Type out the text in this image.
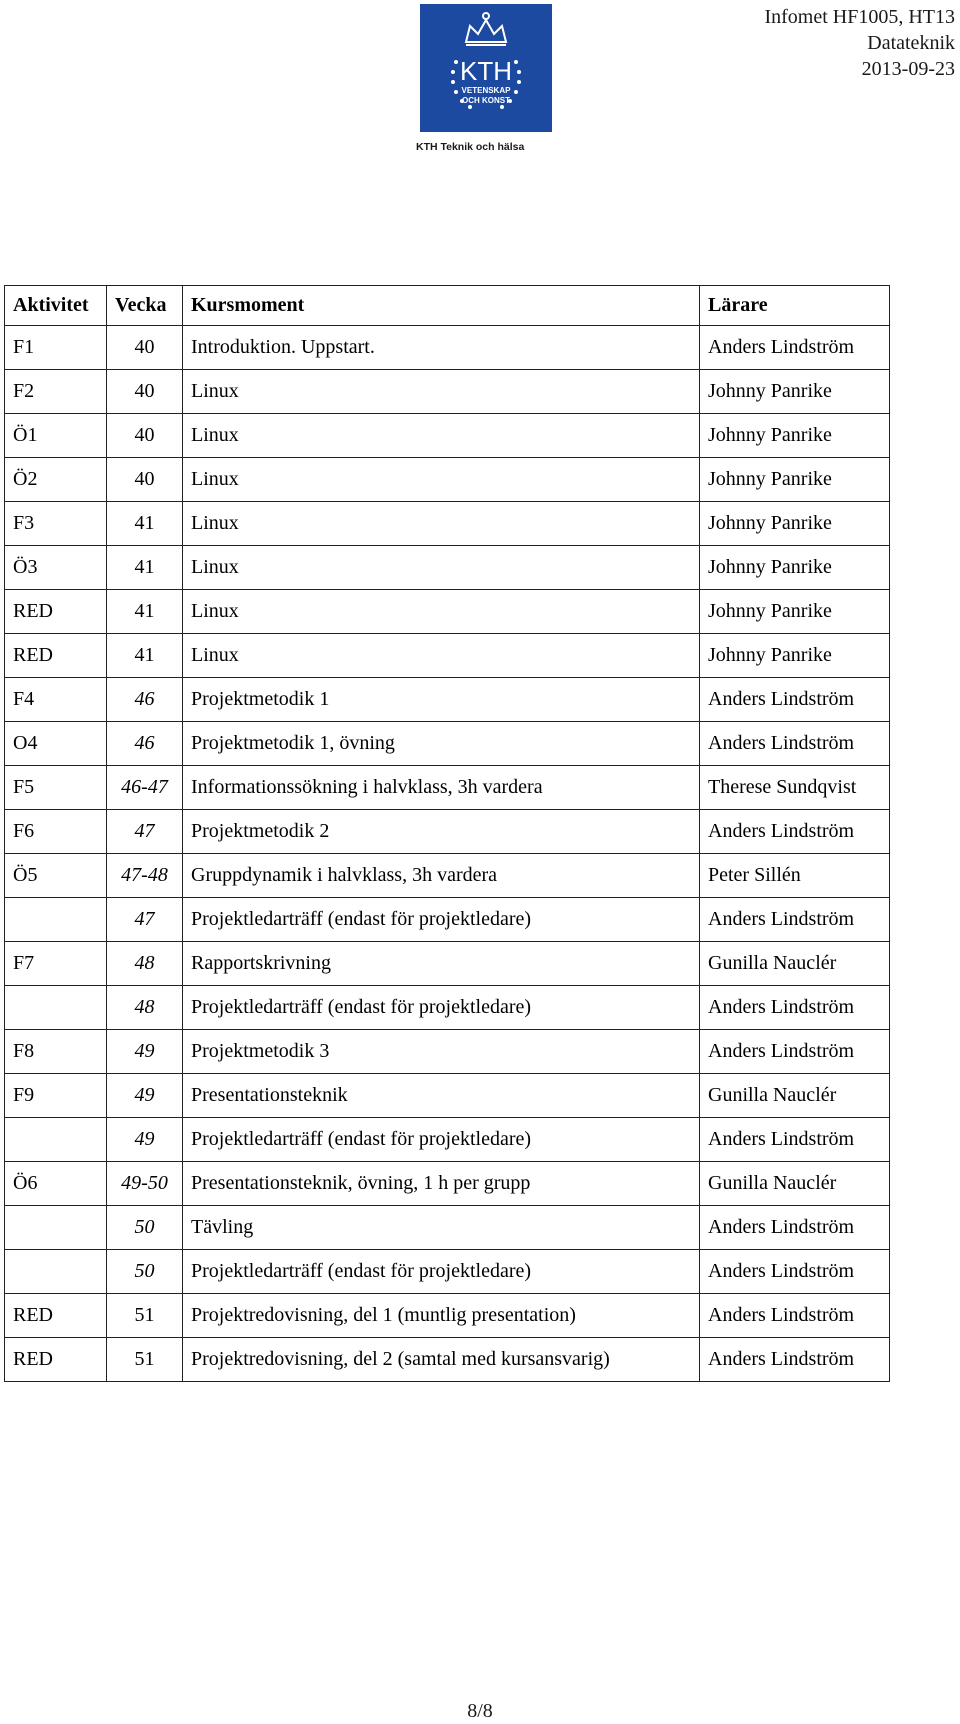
KTH
VETENSKAP
OCH KONST
KTH Teknik och hälsa
Infomet HF1005, HT13
Datateknik
2013-09-23
Aktivitet	Vecka	Kursmoment	Lärare
F1	40	Introduktion. Uppstart.	Anders Lindström
F2	40	Linux	Johnny Panrike
Ö1	40	Linux	Johnny Panrike
Ö2	40	Linux	Johnny Panrike
F3	41	Linux	Johnny Panrike
Ö3	41	Linux	Johnny Panrike
RED	41	Linux	Johnny Panrike
RED	41	Linux	Johnny Panrike
F4	46	Projektmetodik 1	Anders Lindström
O4	46	Projektmetodik 1, övning	Anders Lindström
F5	46-47	Informationssökning i halvklass, 3h vardera	Therese Sundqvist
F6	47	Projektmetodik 2	Anders Lindström
Ö5	47-48	Gruppdynamik i halvklass, 3h vardera	Peter Sillén
	47	Projektledarträff (endast för projektledare)	Anders Lindström
F7	48	Rapportskrivning	Gunilla Nauclér
	48	Projektledarträff (endast för projektledare)	Anders Lindström
F8	49	Projektmetodik 3	Anders Lindström
F9	49	Presentationsteknik	Gunilla Nauclér
	49	Projektledarträff (endast för projektledare)	Anders Lindström
Ö6	49-50	Presentationsteknik, övning, 1 h per grupp	Gunilla Nauclér
	50	Tävling	Anders Lindström
	50	Projektledarträff (endast för projektledare)	Anders Lindström
RED	51	Projektredovisning, del 1 (muntlig presentation)	Anders Lindström
RED	51	Projektredovisning, del 2 (samtal med kursansvarig)	Anders Lindström
8/8
